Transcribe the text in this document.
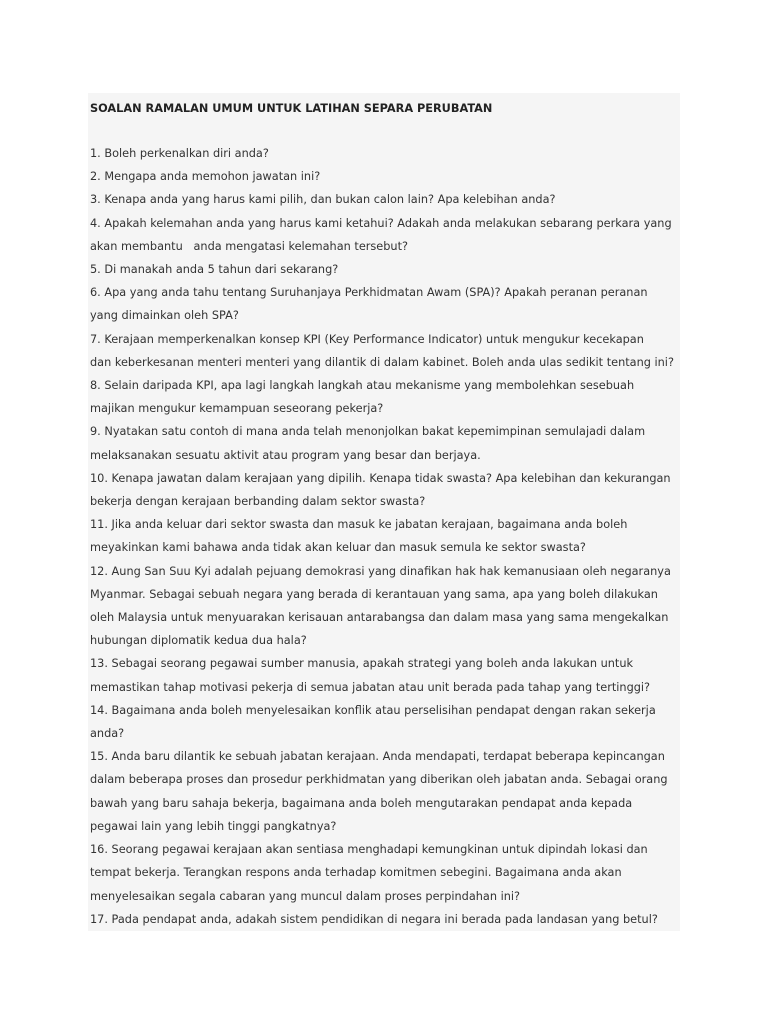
SOALAN RAMALAN UMUM UNTUK LATIHAN SEPARA PERUBATAN
1. Boleh perkenalkan diri anda?
2. Mengapa anda memohon jawatan ini?
3. Kenapa anda yang harus kami pilih, dan bukan calon lain? Apa kelebihan anda?
4. Apakah kelemahan anda yang harus kami ketahui? Adakah anda melakukan sebarang perkara yang
akan membantu   anda mengatasi kelemahan tersebut?
5. Di manakah anda 5 tahun dari sekarang?
6. Apa yang anda tahu tentang Suruhanjaya Perkhidmatan Awam (SPA)? Apakah peranan peranan
yang dimainkan oleh SPA?
7. Kerajaan memperkenalkan konsep KPI (Key Performance Indicator) untuk mengukur kecekapan
dan keberkesanan menteri menteri yang dilantik di dalam kabinet. Boleh anda ulas sedikit tentang ini?
8. Selain daripada KPI, apa lagi langkah langkah atau mekanisme yang membolehkan sesebuah
majikan mengukur kemampuan seseorang pekerja?
9. Nyatakan satu contoh di mana anda telah menonjolkan bakat kepemimpinan semulajadi dalam
melaksanakan sesuatu aktivit atau program yang besar dan berjaya.
10. Kenapa jawatan dalam kerajaan yang dipilih. Kenapa tidak swasta? Apa kelebihan dan kekurangan
bekerja dengan kerajaan berbanding dalam sektor swasta?
11. Jika anda keluar dari sektor swasta dan masuk ke jabatan kerajaan, bagaimana anda boleh
meyakinkan kami bahawa anda tidak akan keluar dan masuk semula ke sektor swasta?
12. Aung San Suu Kyi adalah pejuang demokrasi yang dinafikan hak hak kemanusiaan oleh negaranya
Myanmar. Sebagai sebuah negara yang berada di kerantauan yang sama, apa yang boleh dilakukan
oleh Malaysia untuk menyuarakan kerisauan antarabangsa dan dalam masa yang sama mengekalkan
hubungan diplomatik kedua dua hala?
13. Sebagai seorang pegawai sumber manusia, apakah strategi yang boleh anda lakukan untuk
memastikan tahap motivasi pekerja di semua jabatan atau unit berada pada tahap yang tertinggi?
14. Bagaimana anda boleh menyelesaikan konflik atau perselisihan pendapat dengan rakan sekerja
anda?
15. Anda baru dilantik ke sebuah jabatan kerajaan. Anda mendapati, terdapat beberapa kepincangan
dalam beberapa proses dan prosedur perkhidmatan yang diberikan oleh jabatan anda. Sebagai orang
bawah yang baru sahaja bekerja, bagaimana anda boleh mengutarakan pendapat anda kepada
pegawai lain yang lebih tinggi pangkatnya?
16. Seorang pegawai kerajaan akan sentiasa menghadapi kemungkinan untuk dipindah lokasi dan
tempat bekerja. Terangkan respons anda terhadap komitmen sebegini. Bagaimana anda akan
menyelesaikan segala cabaran yang muncul dalam proses perpindahan ini?
17. Pada pendapat anda, adakah sistem pendidikan di negara ini berada pada landasan yang betul?
